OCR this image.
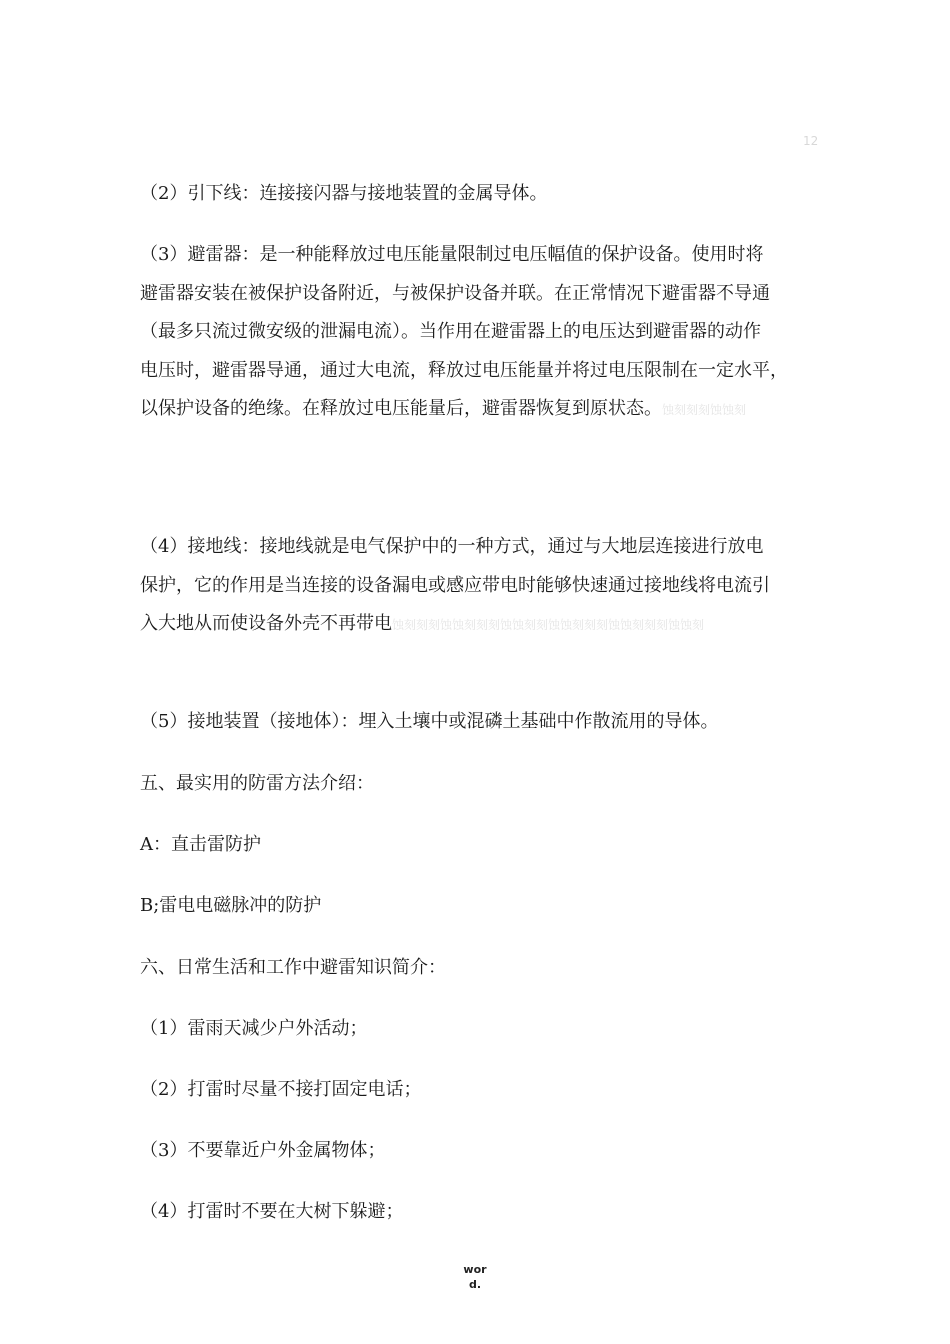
12

（2）引下线：连接接闪器与接地装置的金属导体。

（3）避雷器：是一种能释放过电压能量限制过电压幅值的保护设备。使用时将
避雷器安装在被保护设备附近，与被保护设备并联。在正常情况下避雷器不导通
（最多只流过微安级的泄漏电流）。当作用在避雷器上的电压达到避雷器的动作
电压时，避雷器导通，通过大电流，释放过电压能量并将过电压限制在一定水平，
以保护设备的绝缘。在释放过电压能量后，避雷器恢复到原状态。蚀刻刻刻蚀蚀刻
（4）接地线：接地线就是电气保护中的一种方式，通过与大地层连接进行放电
保护，它的作用是当连接的设备漏电或感应带电时能够快速通过接地线将电流引
入大地从而使设备外壳不再带电蚀刻刻刻蚀蚀刻刻刻蚀蚀刻刻蚀蚀刻刻刻蚀蚀刻刻刻蚀蚀刻

（5）接地装置（接地体）：埋入土壤中或混磷土基础中作散流用的导体。

五、最实用的防雷方法介绍：

A：直击雷防护

B;雷电电磁脉冲的防护

六、日常生活和工作中避雷知识简介：

（1）雷雨天减少户外活动；

（2）打雷时尽量不接打固定电话；

（3）不要靠近户外金属物体；

（4）打雷时不要在大树下躲避；

wor
d.
